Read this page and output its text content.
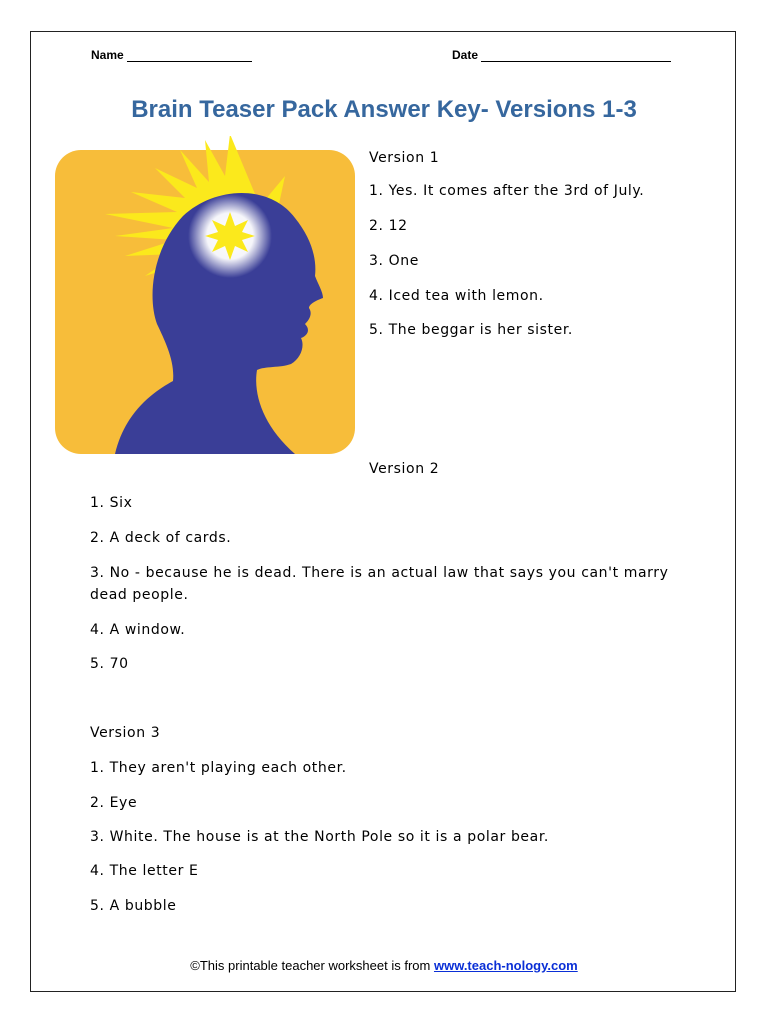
Name	Date
Brain Teaser Pack Answer Key- Versions 1-3
Version 1
1. Yes. It comes after the 3rd of July.
2. 12
3. One
4. Iced tea with lemon.
5. The beggar is her sister.
Version 2
1. Six
2. A deck of cards.
3. No - because he is dead. There is an actual law that says you can't marry dead people.
4. A window.
5. 70
Version 3
1. They aren't playing each other.
2. Eye
3. White. The house is at the North Pole so it is a polar bear.
4. The letter E
5. A bubble
©This printable teacher worksheet is from www.teach-nology.com
